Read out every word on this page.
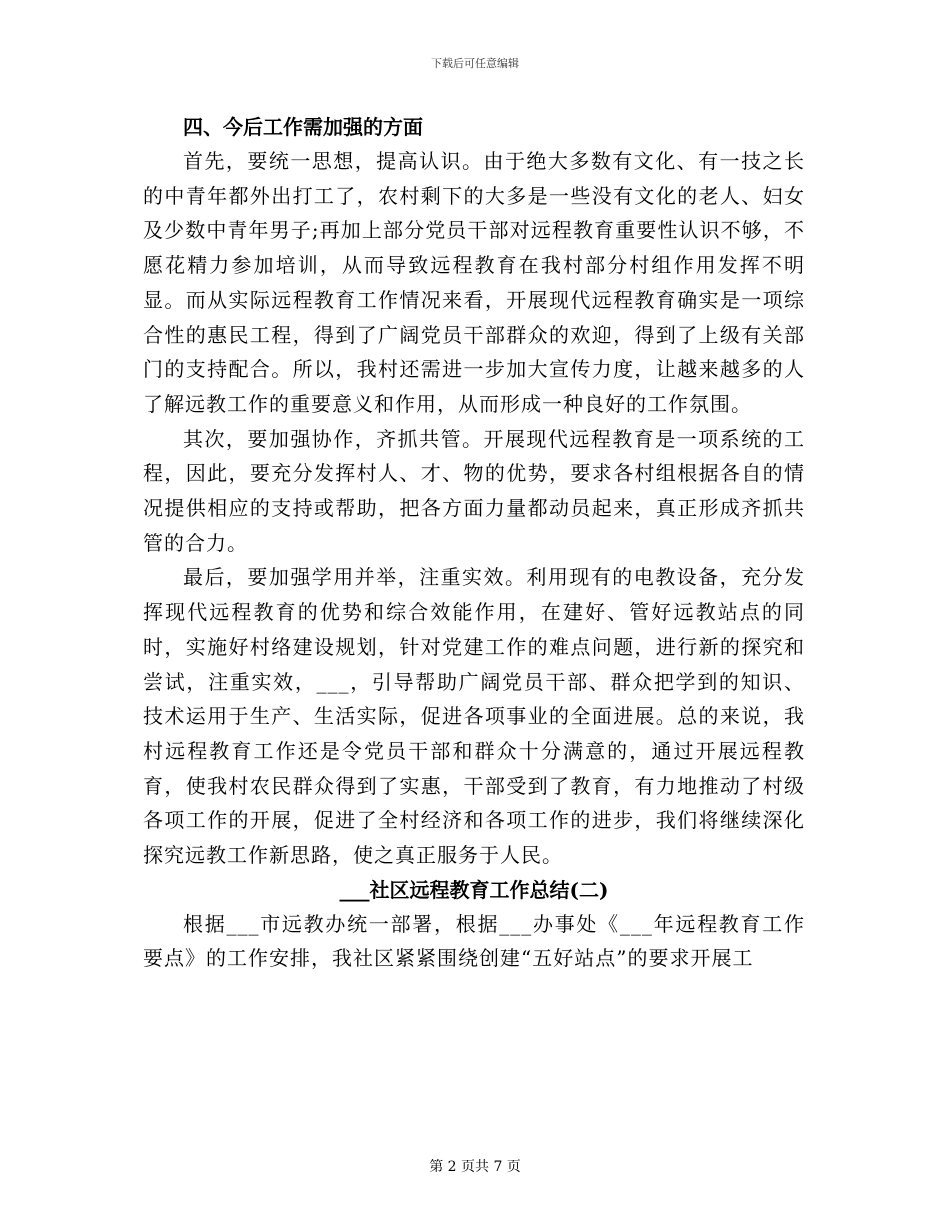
下载后可任意编辑

四、今后工作需加强的方面

首先，要统一思想，提高认识。由于绝大多数有文化、有一技之长的中青年都外出打工了，农村剩下的大多是一些没有文化的老人、妇女及少数中青年男子;再加上部分党员干部对远程教育重要性认识不够，不愿花精力参加培训，从而导致远程教育在我村部分村组作用发挥不明显。而从实际远程教育工作情况来看，开展现代远程教育确实是一项综合性的惠民工程，得到了广阔党员干部群众的欢迎，得到了上级有关部门的支持配合。所以，我村还需进一步加大宣传力度，让越来越多的人了解远教工作的重要意义和作用，从而形成一种良好的工作氛围。

其次，要加强协作，齐抓共管。开展现代远程教育是一项系统的工程，因此，要充分发挥村人、才、物的优势，要求各村组根据各自的情况提供相应的支持或帮助，把各方面力量都动员起来，真正形成齐抓共管的合力。

最后，要加强学用并举，注重实效。利用现有的电教设备，充分发挥现代远程教育的优势和综合效能作用，在建好、管好远教站点的同时，实施好村络建设规划，针对党建工作的难点问题，进行新的探究和尝试，注重实效，___，引导帮助广阔党员干部、群众把学到的知识、技术运用于生产、生活实际，促进各项事业的全面进展。总的来说，我村远程教育工作还是令党员干部和群众十分满意的，通过开展远程教育，使我村农民群众得到了实惠，干部受到了教育，有力地推动了村级各项工作的开展，促进了全村经济和各项工作的进步，我们将继续深化探究远教工作新思路，使之真正服务于人民。

___社区远程教育工作总结(二)

根据___市远教办统一部署，根据___办事处《___年远程教育工作要点》的工作安排，我社区紧紧围绕创建“五好站点”的要求开展工

第 2 页共 7 页
